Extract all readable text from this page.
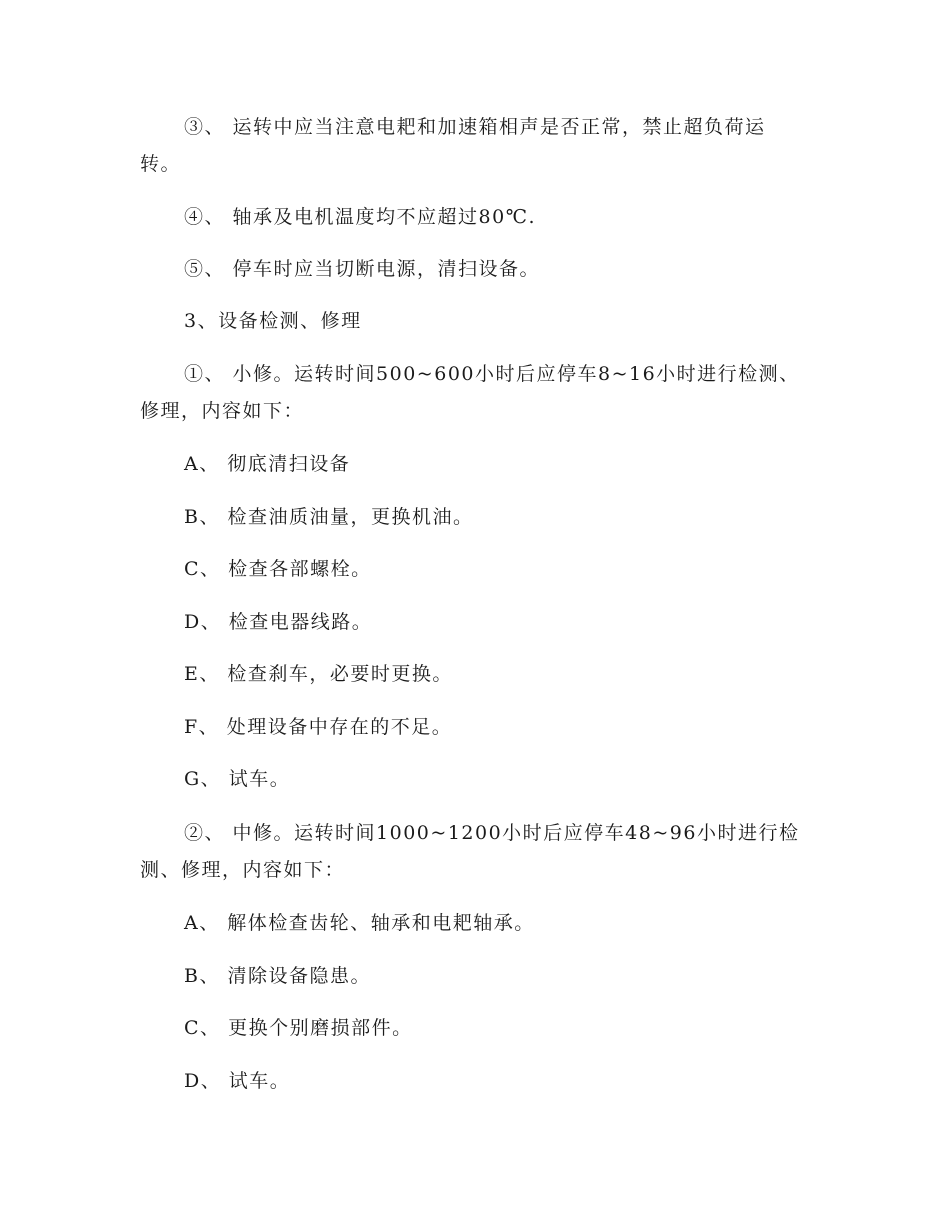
③、 运转中应当注意电耙和加速箱相声是否正常，禁止超负荷运
转。
④、 轴承及电机温度均不应超过80℃.
⑤、 停车时应当切断电源，清扫设备。
3、设备检测、修理
①、 小修。运转时间500~600小时后应停车8~16小时进行检测、
修理，内容如下：
A、 彻底清扫设备
B、 检查油质油量，更换机油。
C、 检查各部螺栓。
D、 检查电器线路。
E、 检查刹车，必要时更换。
F、 处理设备中存在的不足。
G、 试车。
②、 中修。运转时间1000~1200小时后应停车48~96小时进行检
测、修理，内容如下：
A、 解体检查齿轮、轴承和电耙轴承。
B、 清除设备隐患。
C、 更换个别磨损部件。
D、 试车。
